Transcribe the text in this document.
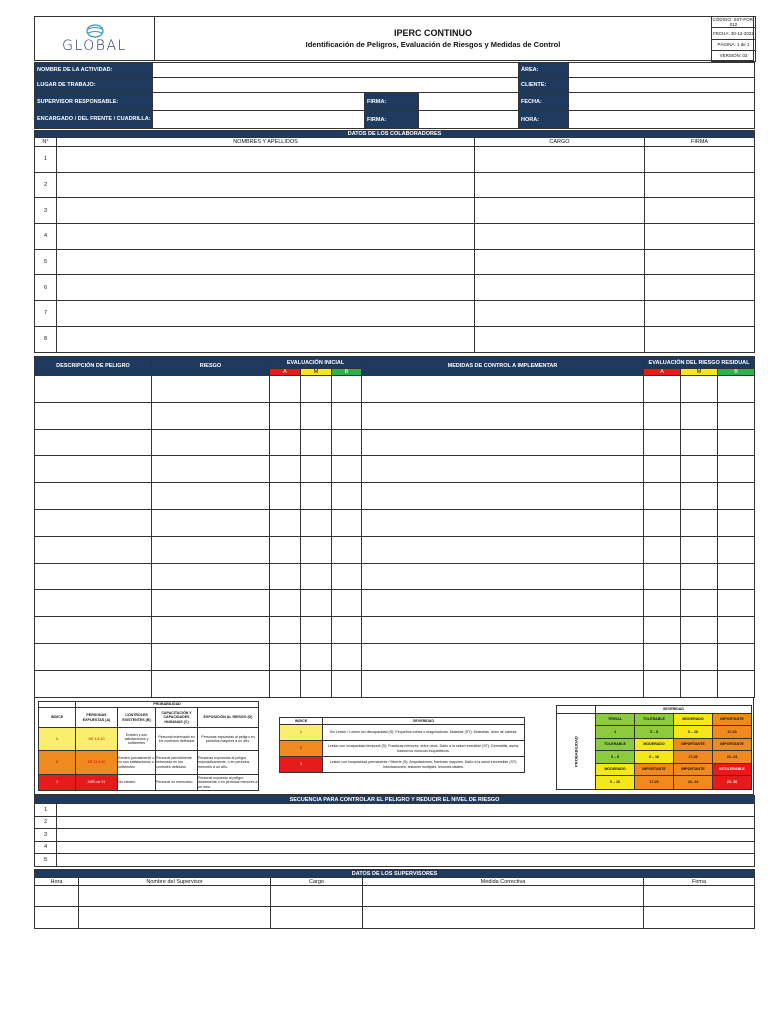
GLOBAL
IPERC CONTINUO
Identificación de Peligros, Evaluación de Riesgos y Medidas de Control
CÓDIGO: SST-FOR-012
FECHA: 30-12-2022
PÁGINA: 1 de 1
VERSIÓN: 02
NOMBRE DE LA ACTIVIDAD:				ÁREA:	
LUGAR DE TRABAJO:				CLIENTE:	
SUPERVISOR RESPONSABLE:		FIRMA:		FECHA:	
ENCARGADO / DEL FRENTE / CUADRILLA:		FIRMA:		HORA:	
DATOS DE LOS COLABORADORES			
N°	NOMBRES Y APELLIDOS	CARGO	FIRMA
1			
2			
3			
4			
5			
6			
7			
8			
DESCRIPCIÓN DE PELIGRO	RIESGO	EVALUACIÓN INICIAL			MEDIDAS DE CONTROL A IMPLEMENTAR	EVALUACIÓN DEL RIESGO RESIDUAL		
		A	M	B		A	M	B

	PROBABILIDAD			
INDICE	PERSONAS EXPUESTAS (A)	CONTROLES EXISTENTES (B)	CAPACITACIÓN Y CAPACIDADES HUMANAS (C)	EXPOSICIÓN AL RIESGO (D)
1	DE 1 A 10	Existen y son satisfactorios y suficientes	Personal entrenado en los controles definidos	Personas expuestas al peligro en periodos mayores a un año.
2	DE 11 A 20	Existen parcialmente o no son satisfactorios o suficientes	Personal parcialmente entrenado en los controles definidos	Personas expuestas al peligro esporádicamente, o en periodos menores a un año.
3	MÁS de 21	No existen.	Personal no entrenado.	Personal expuesto al peligro diariamente o en periodos menores a un mes.
INDICE	SEVERIDAD
1	Sin Lesión / Lesión sin discapacidad (S): Pequeños cortes o magulladuras. Malestar (ST): Molestias, dolor de cabeza.
2	Lesión con incapacidad temporal (S): Fracturas menores, entre otros. Daño a la salud reversible (ST): Dermatitis, asma, trastornos músculo-esqueléticos.
3	Lesión con incapacidad permanente / Muerte (S): Amputaciones, fracturas mayores. Daño a la salud irreversible (ST): Intoxicaciones, lesiones múltiples, lesiones fatales.
	SEVERIDAD			

PROBABILIDAD	TRIVIAL	TOLERABLE	MODERADO	IMPORTANTE
	4	5 – 8	9 – 16	17-20
	TOLERABLE	MODERADO	IMPORTANTE	IMPORTANTE
	5 – 8	9 – 16	17-20	21- 24
	MODERADO	IMPORTANTE	IMPORTANTE	INTOLERABLE
	9 – 16	17-20	21- 24	25- 36
SECUENCIA PARA CONTROLAR EL PELIGRO Y REDUCIR EL NIVEL DE RIESGO	
1	
2	
3	
4	
5	
DATOS DE LOS SUPERVISORES				
Hora	Nombre del Supervisor	Cargo	Medida Correctiva	Firma
